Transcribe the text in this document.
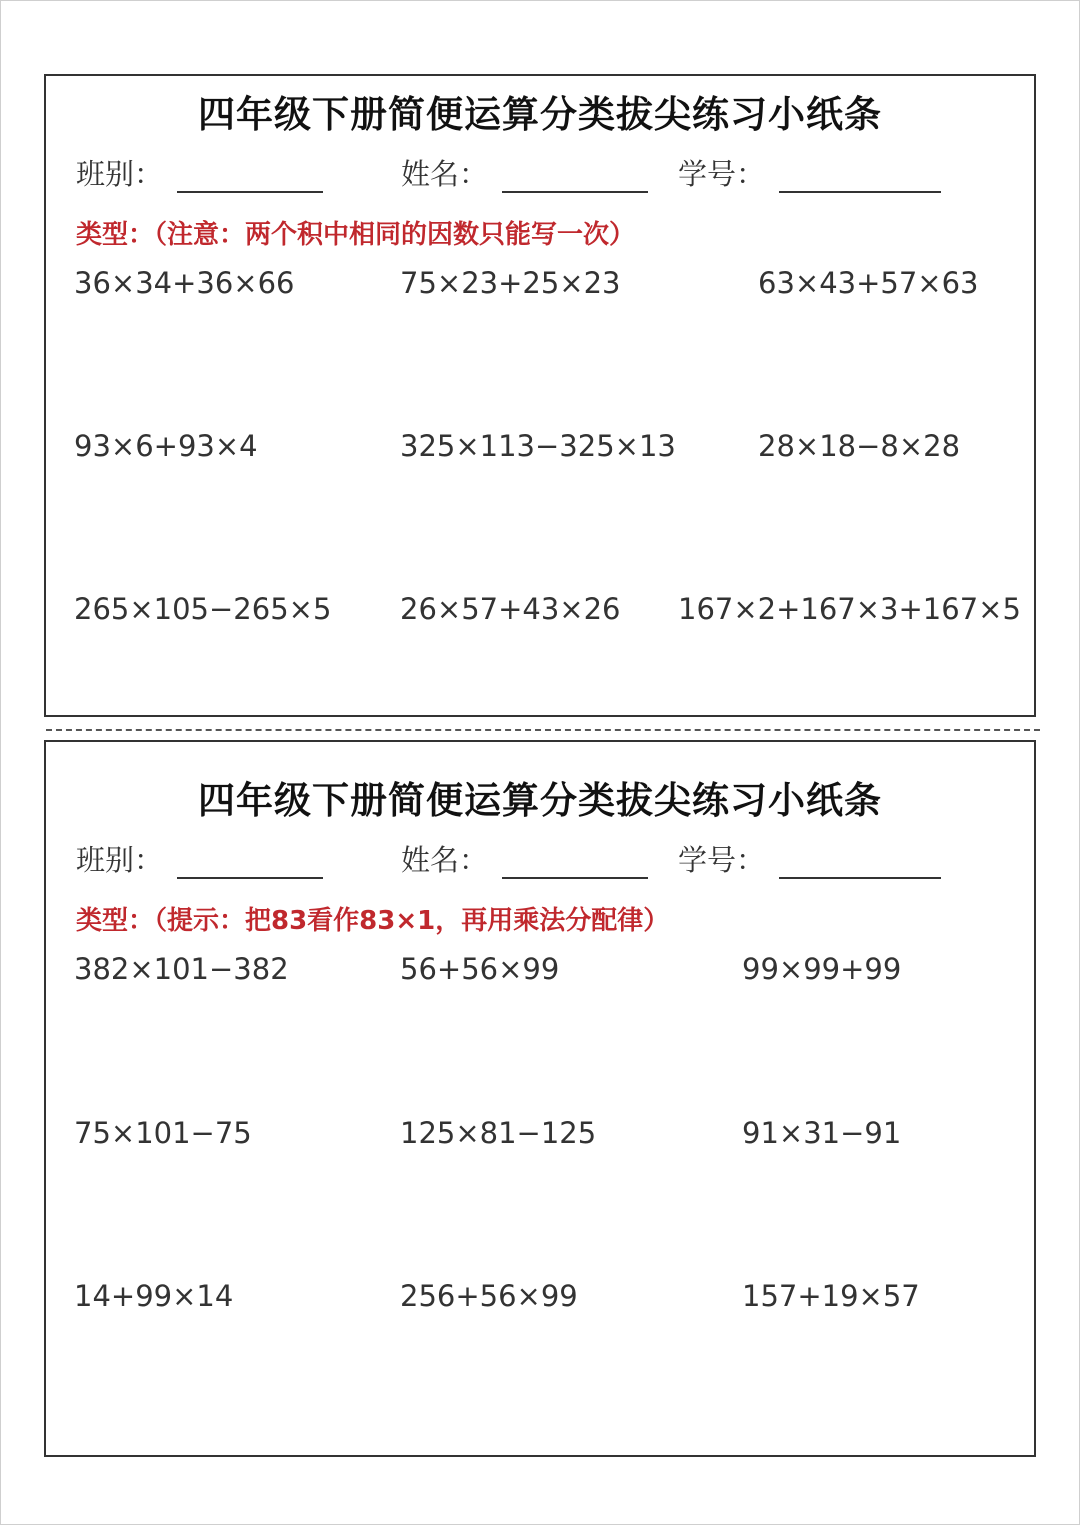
四年级下册简便运算分类拔尖练习小纸条
班别：	姓名：	学号：
类型：（注意：两个积中相同的因数只能写一次）
36×34+36×66	75×23+25×23	63×43+57×63
93×6+93×4	325×113−325×13	28×18−8×28
265×105−265×5 26×57+43×26 167×2+167×3+167×5
四年级下册简便运算分类拔尖练习小纸条
班别：	姓名：	学号：
类型：（提示：把83看作83×1，再用乘法分配律）
382×101−382	56+56×99	99×99+99
75×101−75	125×81−125	91×31−91
14+99×14	256+56×99	157+19×57
